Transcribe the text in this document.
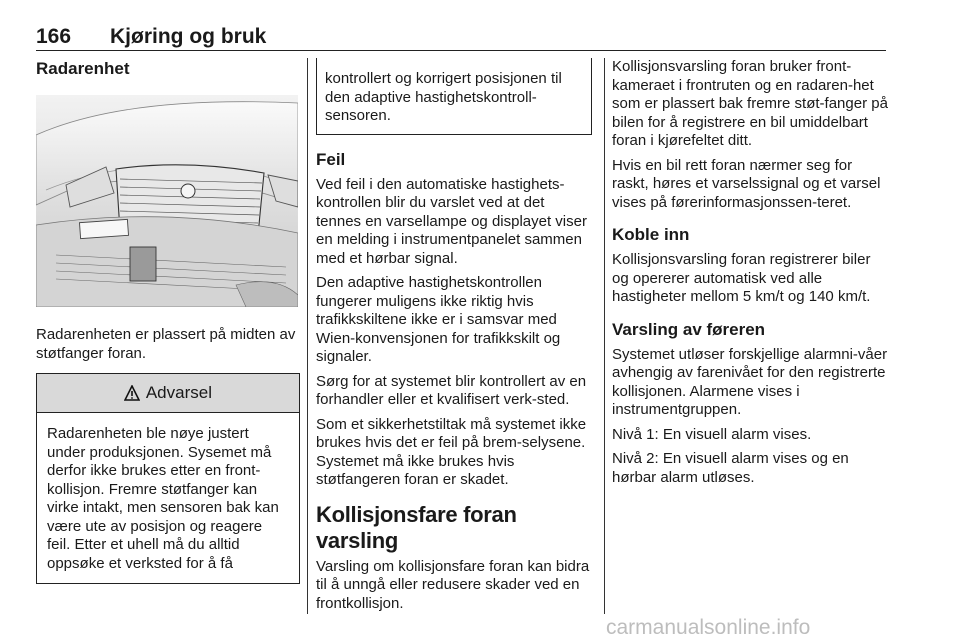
166 Kjøring og bruk
Radarenhet

Radarenheten er plassert på midten av støtfanger foran.

Advarsel

Radarenheten ble nøye justert under produksjonen. Sysemet må derfor ikke brukes etter en front-kollisjon. Fremre støtfanger kan virke intakt, men sensoren bak kan være ute av posisjon og reagere feil. Etter et uhell må du alltid oppsøke et verksted for å få

kontrollert og korrigert posisjonen til den adaptive hastighetskontroll-sensoren.

Feil

Ved feil i den automatiske hastighets-kontrollen blir du varslet ved at det tennes en varsellampe og displayet viser en melding i instrumentpanelet sammen med et hørbar signal.

Den adaptive hastighetskontrollen fungerer muligens ikke riktig hvis trafikkskiltene ikke er i samsvar med Wien-konvensjonen for trafikkskilt og signaler.

Sørg for at systemet blir kontrollert av en forhandler eller et kvalifisert verk-sted.

Som et sikkerhetstiltak må systemet ikke brukes hvis det er feil på brem-selysene. Systemet må ikke brukes hvis støtfangeren foran er skadet.

Kollisjonsfare foran varsling

Varsling om kollisjonsfare foran kan bidra til å unngå eller redusere skader ved en frontkollisjon.

Kollisjonsvarsling foran bruker front-kameraet i frontruten og en radaren-het som er plassert bak fremre støt-fanger på bilen for å registrere en bil umiddelbart foran i kjørefeltet ditt.

Hvis en bil rett foran nærmer seg for raskt, høres et varselssignal og et varsel vises på førerinformasjonssen-teret.

Koble inn

Kollisjonsvarsling foran registrerer biler og opererer automatisk ved alle hastigheter mellom 5 km/t og 140 km/t.

Varsling av føreren

Systemet utløser forskjellige alarmni-våer avhengig av farenivået for den registrerte kollisjonen. Alarmene vises i instrumentgruppen.

Nivå 1: En visuell alarm vises.

Nivå 2: En visuell alarm vises og en hørbar alarm utløses.

carmanualsonline.info
